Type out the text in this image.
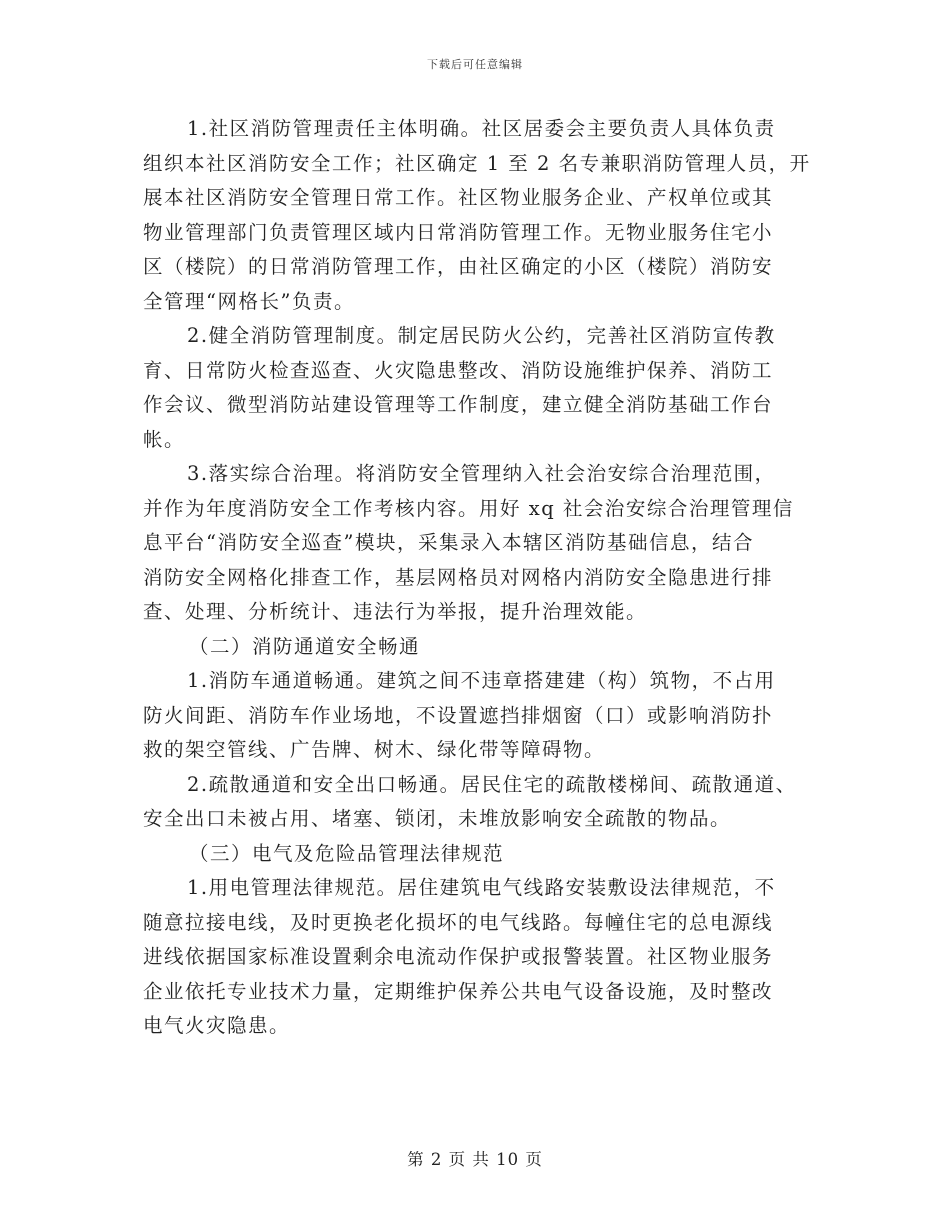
下载后可任意编辑
1.社区消防管理责任主体明确。社区居委会主要负责人具体负责
组织本社区消防安全工作；社区确定 1 至 2 名专兼职消防管理人员，开
展本社区消防安全管理日常工作。社区物业服务企业、产权单位或其
物业管理部门负责管理区域内日常消防管理工作。无物业服务住宅小
区（楼院）的日常消防管理工作，由社区确定的小区（楼院）消防安
全管理“网格长”负责。
2.健全消防管理制度。制定居民防火公约，完善社区消防宣传教
育、日常防火检查巡查、火灾隐患整改、消防设施维护保养、消防工
作会议、微型消防站建设管理等工作制度，建立健全消防基础工作台
帐。
3.落实综合治理。将消防安全管理纳入社会治安综合治理范围，
并作为年度消防安全工作考核内容。用好 xq 社会治安综合治理管理信
息平台“消防安全巡查”模块，采集录入本辖区消防基础信息，结合
消防安全网格化排查工作，基层网格员对网格内消防安全隐患进行排
查、处理、分析统计、违法行为举报，提升治理效能。
（二）消防通道安全畅通
1.消防车通道畅通。建筑之间不违章搭建建（构）筑物，不占用
防火间距、消防车作业场地，不设置遮挡排烟窗（口）或影响消防扑
救的架空管线、广告牌、树木、绿化带等障碍物。
2.疏散通道和安全出口畅通。居民住宅的疏散楼梯间、疏散通道、
安全出口未被占用、堵塞、锁闭，未堆放影响安全疏散的物品。
（三）电气及危险品管理法律规范
1.用电管理法律规范。居住建筑电气线路安装敷设法律规范，不
随意拉接电线，及时更换老化损坏的电气线路。每幢住宅的总电源线
进线依据国家标准设置剩余电流动作保护或报警装置。社区物业服务
企业依托专业技术力量，定期维护保养公共电气设备设施，及时整改
电气火灾隐患。
第 2 页 共 10 页
